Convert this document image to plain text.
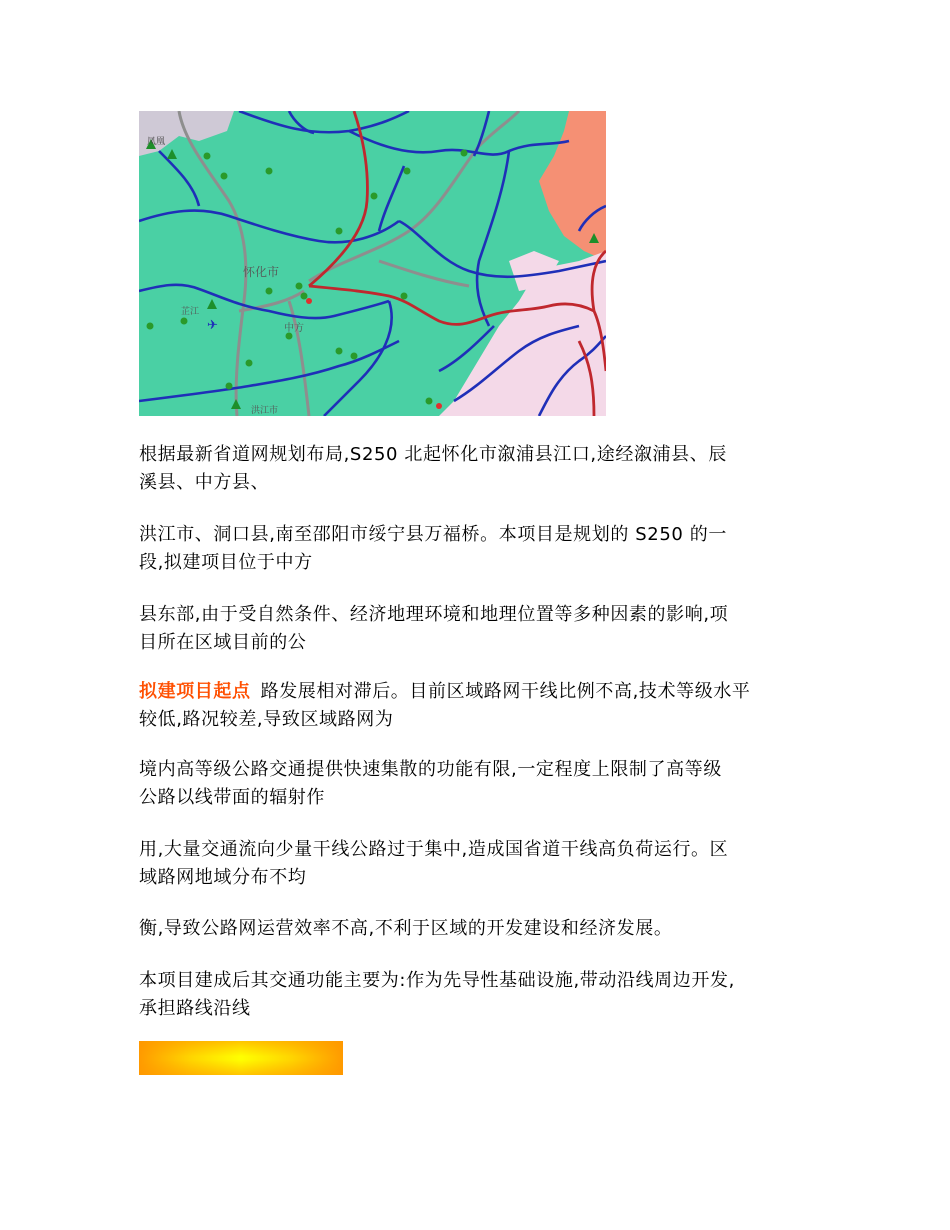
✈
凤凰
怀化市
中方
芷江
洪江市

根据最新省道网规划布局,S250 北起怀化市溆浦县江口,途经溆浦县、辰
溪县、中方县、

洪江市、洞口县,南至邵阳市绥宁县万福桥。本项目是规划的 S250 的一
段,拟建项目位于中方

县东部,由于受自然条件、经济地理环境和地理位置等多种因素的影响,项
目所在区域目前的公

拟建项目起点 路发展相对滞后。目前区域路网干线比例不高,技术等级水平
较低,路况较差,导致区域路网为

境内高等级公路交通提供快速集散的功能有限,一定程度上限制了高等级
公路以线带面的辐射作

用,大量交通流向少量干线公路过于集中,造成国省道干线高负荷运行。区
域路网地域分布不均

衡,导致公路网运营效率不高,不利于区域的开发建设和经济发展。

本项目建成后其交通功能主要为:作为先导性基础设施,带动沿线周边开发,
承担路线沿线
